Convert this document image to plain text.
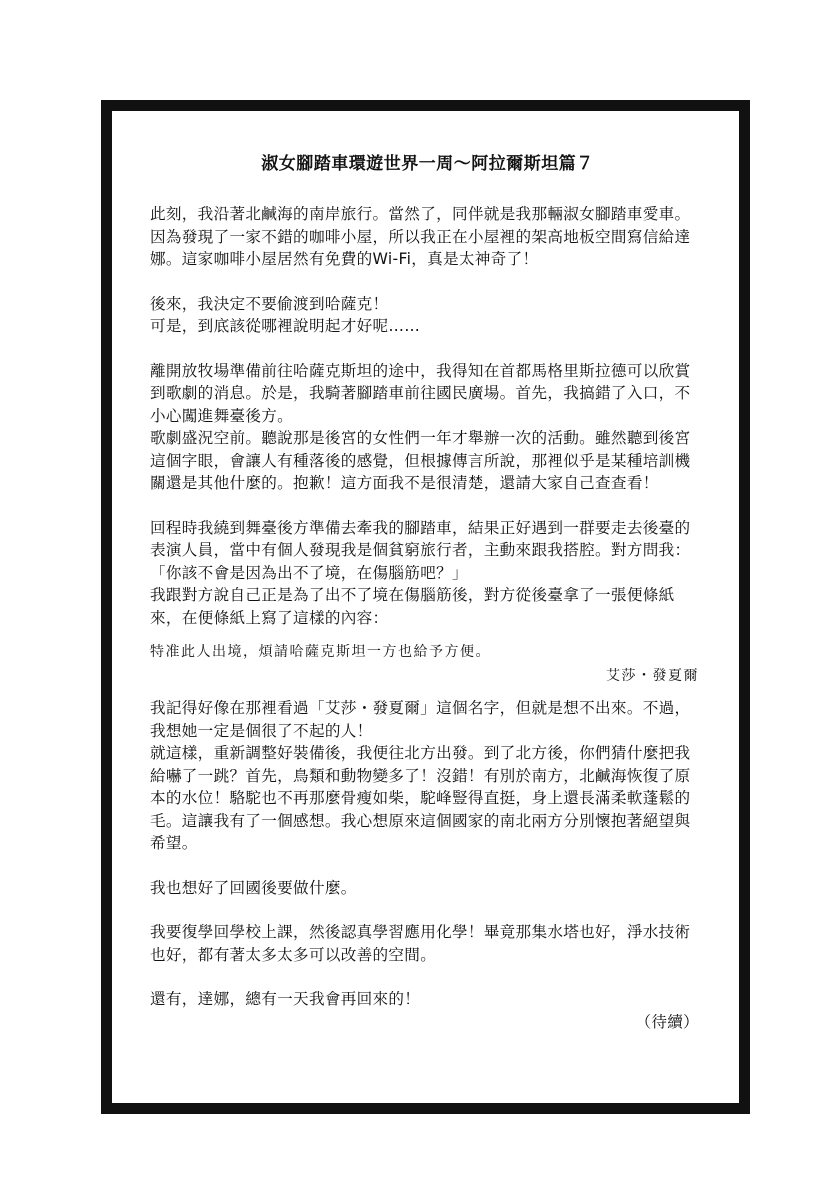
淑女腳踏車環遊世界一周～阿拉爾斯坦篇７

此刻，我沿著北鹹海的南岸旅行。當然了，同伴就是我那輛淑女腳踏車愛車。因為發現了一家不錯的咖啡小屋，所以我正在小屋裡的架高地板空間寫信給達娜。這家咖啡小屋居然有免費的Wi-Fi，真是太神奇了！

後來，我決定不要偷渡到哈薩克！

可是，到底該從哪裡說明起才好呢……

離開放牧場準備前往哈薩克斯坦的途中，我得知在首都馬格里斯拉德可以欣賞到歌劇的消息。於是，我騎著腳踏車前往國民廣場。首先，我搞錯了入口，不小心闖進舞臺後方。

歌劇盛況空前。聽說那是後宮的女性們一年才舉辦一次的活動。雖然聽到後宮這個字眼，會讓人有種落後的感覺，但根據傳言所說，那裡似乎是某種培訓機關還是其他什麼的。抱歉！這方面我不是很清楚，還請大家自己查查看！

回程時我繞到舞臺後方準備去牽我的腳踏車，結果正好遇到一群要走去後臺的表演人員，當中有個人發現我是個貧窮旅行者，主動來跟我搭腔。對方問我：

「你該不會是因為出不了境，在傷腦筋吧？」

我跟對方說自己正是為了出不了境在傷腦筋後，對方從後臺拿了一張便條紙來，在便條紙上寫了這樣的內容：

特准此人出境，煩請哈薩克斯坦一方也給予方便。
艾莎・發夏爾

我記得好像在那裡看過「艾莎・發夏爾」這個名字，但就是想不出來。不過，我想她一定是個很了不起的人！

就這樣，重新調整好裝備後，我便往北方出發。到了北方後，你們猜什麼把我給嚇了一跳？首先，鳥類和動物變多了！沒錯！有別於南方，北鹹海恢復了原本的水位！駱駝也不再那麼骨瘦如柴，駝峰豎得直挺，身上還長滿柔軟蓬鬆的毛。這讓我有了一個感想。我心想原來這個國家的南北兩方分別懷抱著絕望與希望。

我也想好了回國後要做什麼。

我要復學回學校上課，然後認真學習應用化學！畢竟那集水塔也好，淨水技術也好，都有著太多太多可以改善的空間。

還有，達娜，總有一天我會再回來的！

（待續）
